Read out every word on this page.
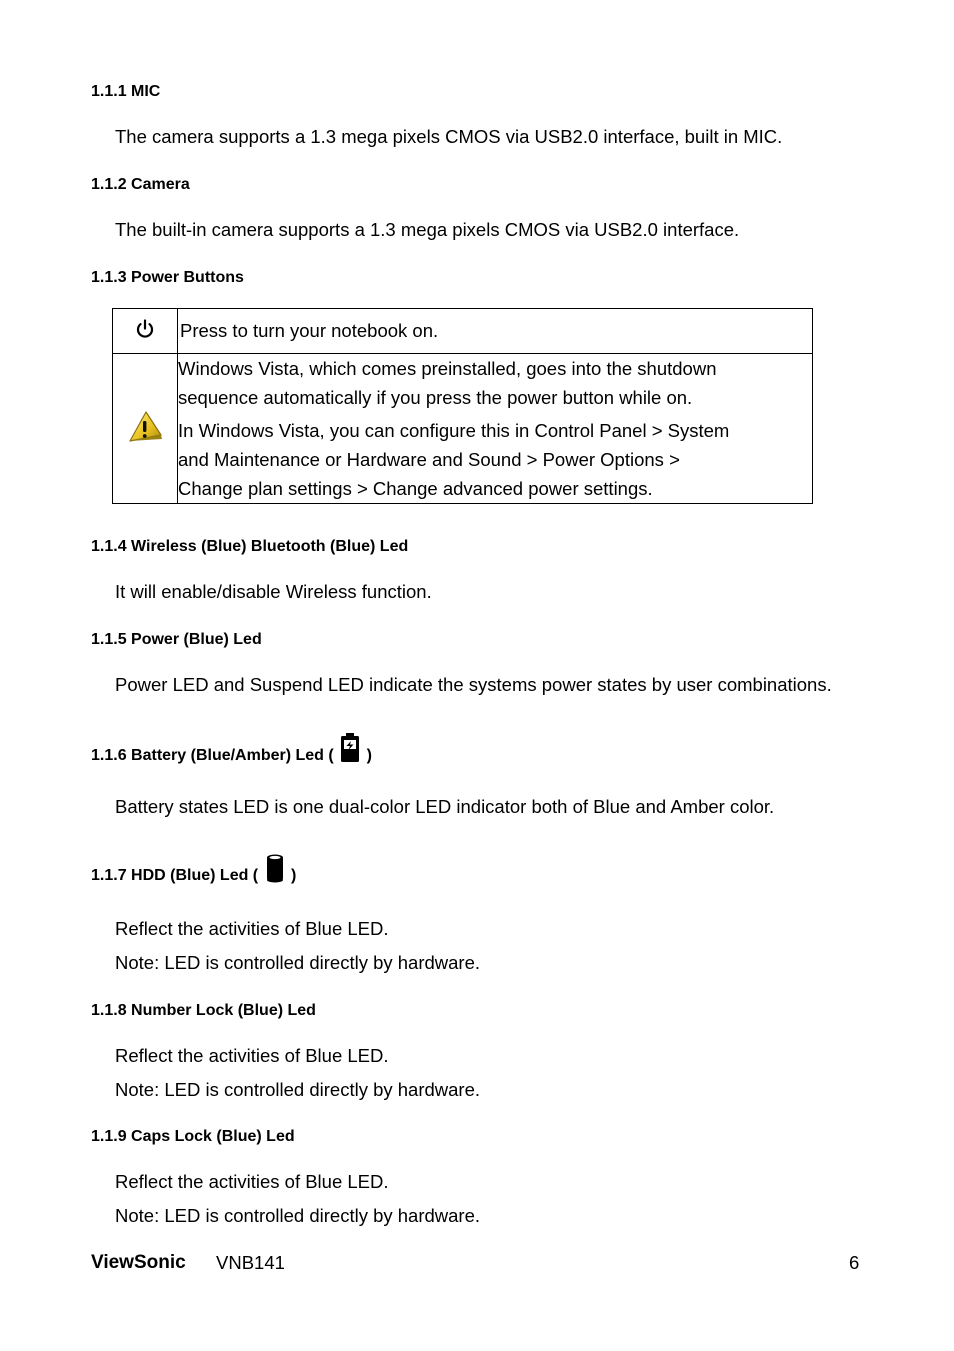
1.1.1 MIC
The camera supports a 1.3 mega pixels CMOS via USB2.0 interface, built in MIC.
1.1.2 Camera
The built-in camera supports a 1.3 mega pixels CMOS via USB2.0 interface.
1.1.3 Power Buttons
	Press to turn your notebook on.

Windows Vista, which comes preinstalled, goes into the shutdown
sequence automatically if you press the power button while on.
In Windows Vista, you can configure this in Control Panel > System
and Maintenance or Hardware and Sound > Power Options >
Change plan settings > Change advanced power settings.
1.1.4 Wireless (Blue) Bluetooth (Blue) Led
It will enable/disable Wireless function.
1.1.5 Power (Blue) Led
Power LED and Suspend LED indicate the systems power states by user combinations.
1.1.6 Battery (Blue/Amber) Led ( )
Battery states LED is one dual-color LED indicator both of Blue and Amber color.
1.1.7 HDD (Blue) Led ( )
Reflect the activities of Blue LED.
Note: LED is controlled directly by hardware.
1.1.8 Number Lock (Blue) Led
Reflect the activities of Blue LED.
Note: LED is controlled directly by hardware.
1.1.9 Caps Lock (Blue) Led
Reflect the activities of Blue LED.
Note: LED is controlled directly by hardware.
ViewSonic VNB141	6
